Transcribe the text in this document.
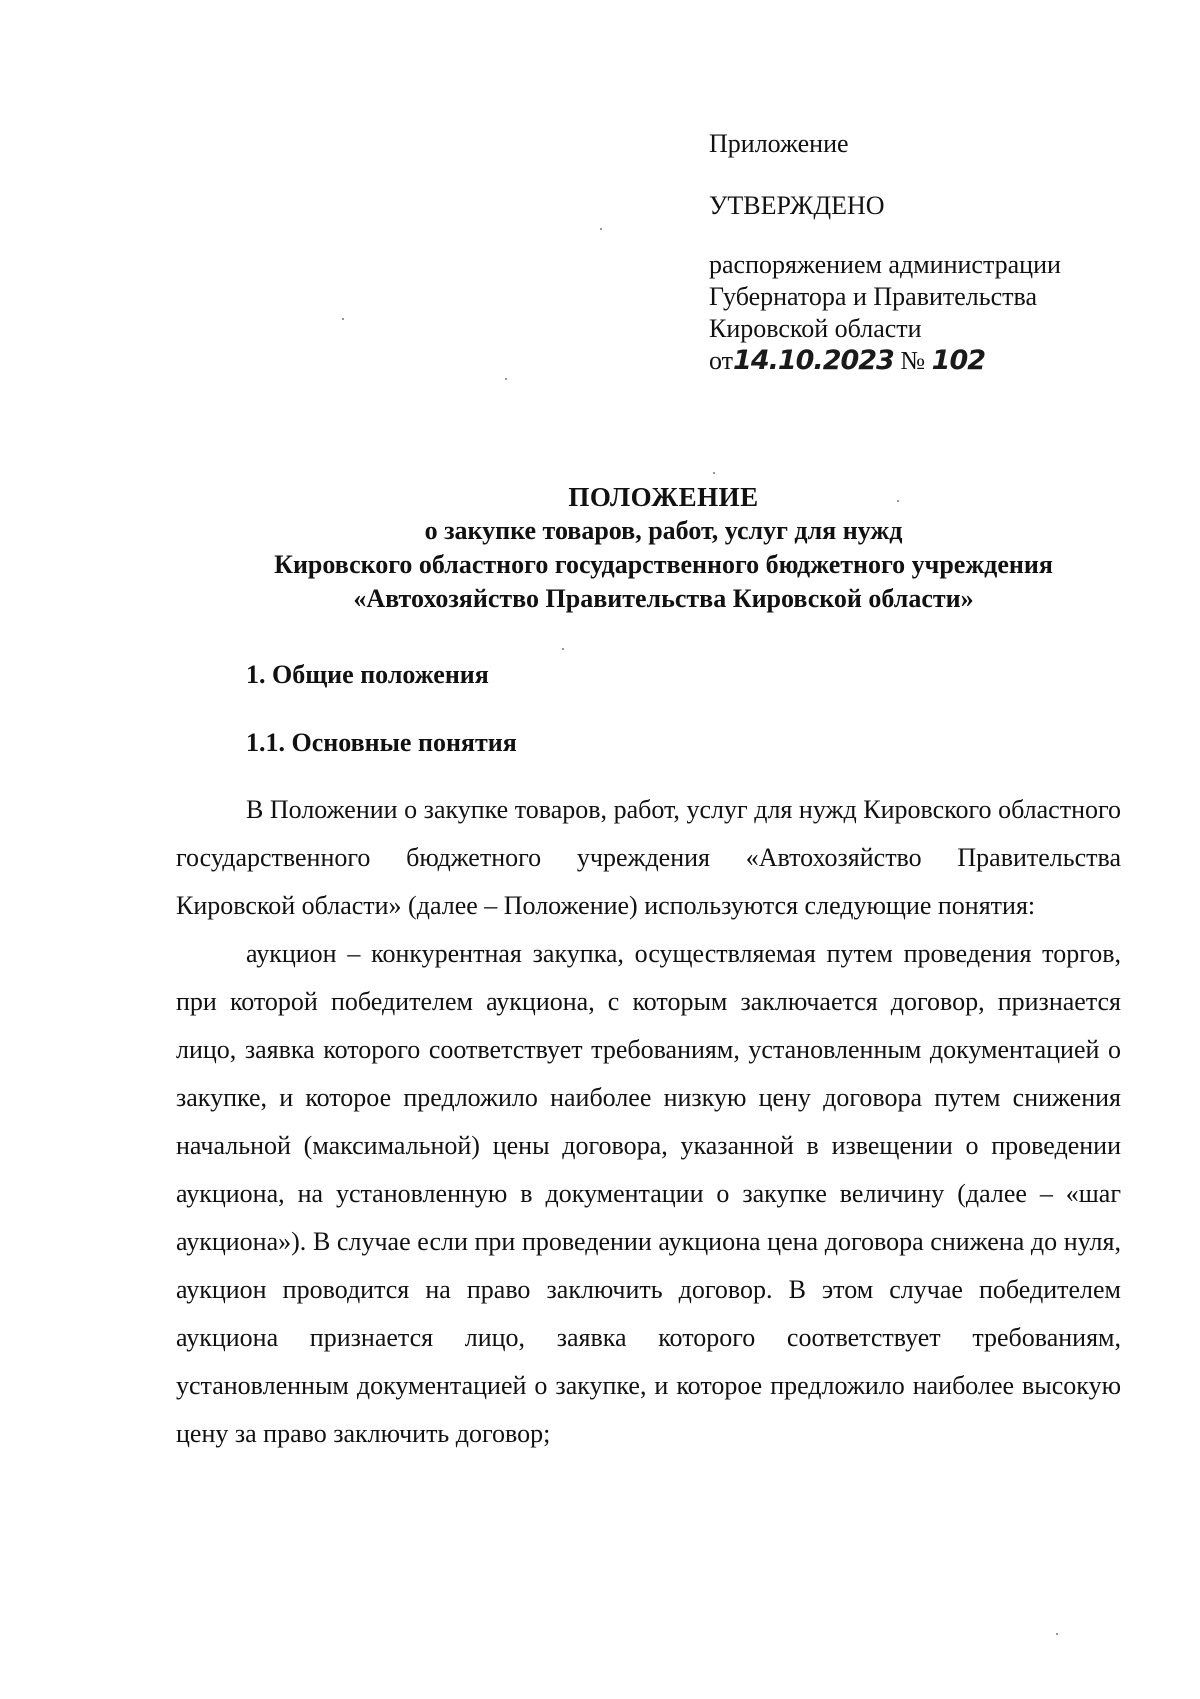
Приложение
УТВЕРЖДЕНО
распоряжением администрации
Губернатора и Правительства
Кировской области
от14.10.2023 № 102
ПОЛОЖЕНИЕ
о закупке товаров, работ, услуг для нужд
Кировского областного государственного бюджетного учреждения
«Автохозяйство Правительства Кировской области»
1. Общие положения
1.1. Основные понятия

В Положении о закупке товаров, работ, услуг для нужд Кировского областного государственного бюджетного учреждения «Автохозяйство Правительства Кировской области» (далее – Положение) используются следующие понятия:

аукцион – конкурентная закупка, осуществляемая путем проведения торгов, при которой победителем аукциона, с которым заключается договор, признается лицо, заявка которого соответствует требованиям, установленным документацией о закупке, и которое предложило наиболее низкую цену договора путем снижения начальной (максимальной) цены договора, указанной в извещении о проведении аукциона, на установленную в документации о закупке величину (далее – «шаг аукциона»). В случае если при проведении аукциона цена договора снижена до нуля, аукцион проводится на право заключить договор. В этом случае победителем аукциона признается лицо, заявка которого соответствует требованиям, установленным документацией о закупке, и которое предложило наиболее высокую цену за право заключить договор;
